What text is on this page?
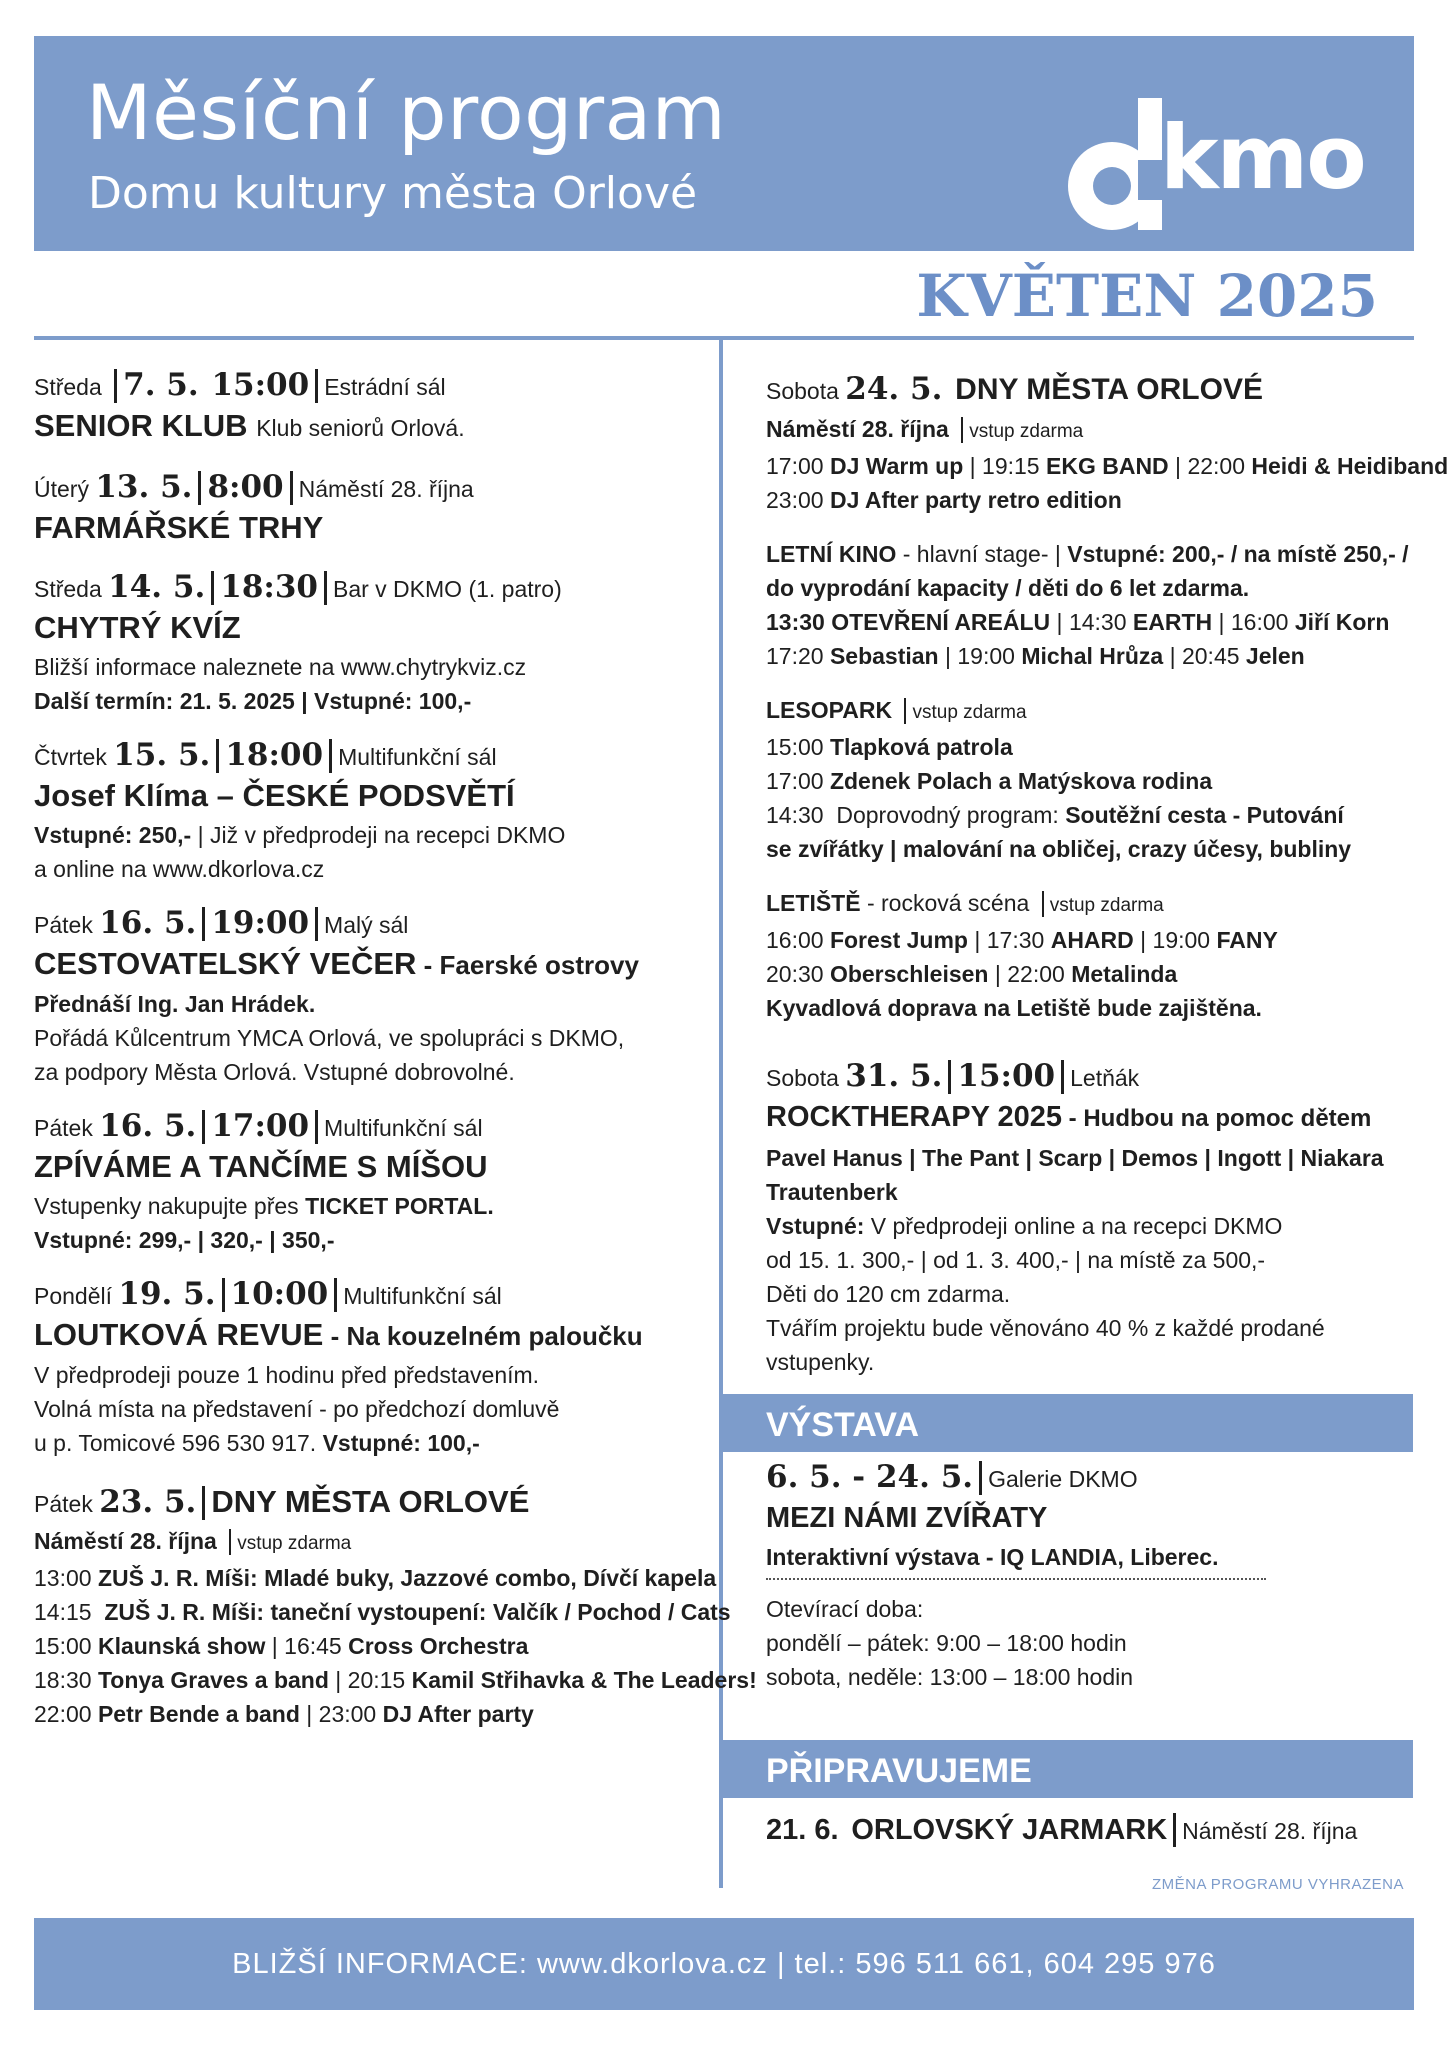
Měsíční program
Domu kultury města Orlové	kmo
dkmo
KVĚTEN 2025
Středa 7. 5. 15:00 Estrádní sál
SENIOR KLUB Klub seniorů Orlová.
Úterý 13. 5. 8:00 Náměstí 28. října
FARMÁŘSKÉ TRHY
Středa 14. 5. 18:30 Bar v DKMO (1. patro)
CHYTRÝ KVÍZ
Bližší informace naleznete na www.chytrykviz.cz
Další termín: 21. 5. 2025 | Vstupné: 100,-
Čtvrtek 15. 5. 18:00 Multifunkční sál
Josef Klíma – ČESKÉ PODSVĚTÍ
Vstupné: 250,- | Již v předprodeji na recepci DKMO
a online na www.dkorlova.cz
Pátek 16. 5. 19:00 Malý sál
CESTOVATELSKÝ VEČER - Faerské ostrovy
Přednáší Ing. Jan Hrádek.
Pořádá Kůlcentrum YMCA Orlová, ve spolupráci s DKMO,
za podpory Města Orlová. Vstupné dobrovolné.
Pátek 16. 5. 17:00 Multifunkční sál
ZPÍVÁME A TANČÍME S MÍŠOU
Vstupenky nakupujte přes TICKET PORTAL.
Vstupné: 299,- | 320,- | 350,-
Pondělí 19. 5. 10:00 Multifunkční sál
LOUTKOVÁ REVUE - Na kouzelném paloučku
V předprodeji pouze 1 hodinu před představením.
Volná místa na představení - po předchozí domluvě
u p. Tomicové 596 530 917. Vstupné: 100,-
Pátek 23. 5. DNY MĚSTA ORLOVÉ
Náměstí 28. října vstup zdarma
13:00 ZUŠ J. R. Míši: Mladé buky, Jazzové combo, Dívčí kapela
14:15 ZUŠ J. R. Míši: taneční vystoupení: Valčík / Pochod / Cats
15:00 Klaunská show | 16:45 Cross Orchestra
18:30 Tonya Graves a band | 20:15 Kamil Střihavka & The Leaders!
22:00 Petr Bende a band | 23:00 DJ After party
Sobota 24. 5. DNY MĚSTA ORLOVÉ
Náměstí 28. října vstup zdarma
17:00 DJ Warm up | 19:15 EKG BAND | 22:00 Heidi & Heidiband
23:00 DJ After party retro edition
LETNÍ KINO - hlavní stage- | Vstupné: 200,- / na místě 250,- /
do vyprodání kapacity / děti do 6 let zdarma.
13:30 OTEVŘENÍ AREÁLU | 14:30 EARTH | 16:00 Jiří Korn
17:20 Sebastian | 19:00 Michal Hrůza | 20:45 Jelen
LESOPARK vstup zdarma
15:00 Tlapková patrola
17:00 Zdenek Polach a Matýskova rodina
14:30 Doprovodný program: Soutěžní cesta - Putování
se zvířátky | malování na obličej, crazy účesy, bubliny
LETIŠTĚ - rocková scéna vstup zdarma
16:00 Forest Jump | 17:30 AHARD | 19:00 FANY
20:30 Oberschleisen | 22:00 Metalinda
Kyvadlová doprava na Letiště bude zajištěna.
Sobota 31. 5. 15:00 Letňák
ROCKTHERAPY 2025 - Hudbou na pomoc dětem
Pavel Hanus | The Pant | Scarp | Demos | Ingott | Niakara
Trautenberk
Vstupné: V předprodeji online a na recepci DKMO
od 15. 1. 300,- | od 1. 3. 400,- | na místě za 500,-
Děti do 120 cm zdarma.
Tvářím projektu bude věnováno 40 % z každé prodané
vstupenky.
VÝSTAVA
6. 5. - 24. 5. Galerie DKMO
MEZI NÁMI ZVÍŘATY
Interaktivní výstava - IQ LANDIA, Liberec.
Otevírací doba:
pondělí – pátek: 9:00 – 18:00 hodin
sobota, neděle: 13:00 – 18:00 hodin
PŘIPRAVUJEME
21. 6. ORLOVSKÝ JARMARK Náměstí 28. října
ZMĚNA PROGRAMU VYHRAZENA
BLIŽŠÍ INFORMACE: www.dkorlova.cz | tel.: 596 511 661, 604 295 976
